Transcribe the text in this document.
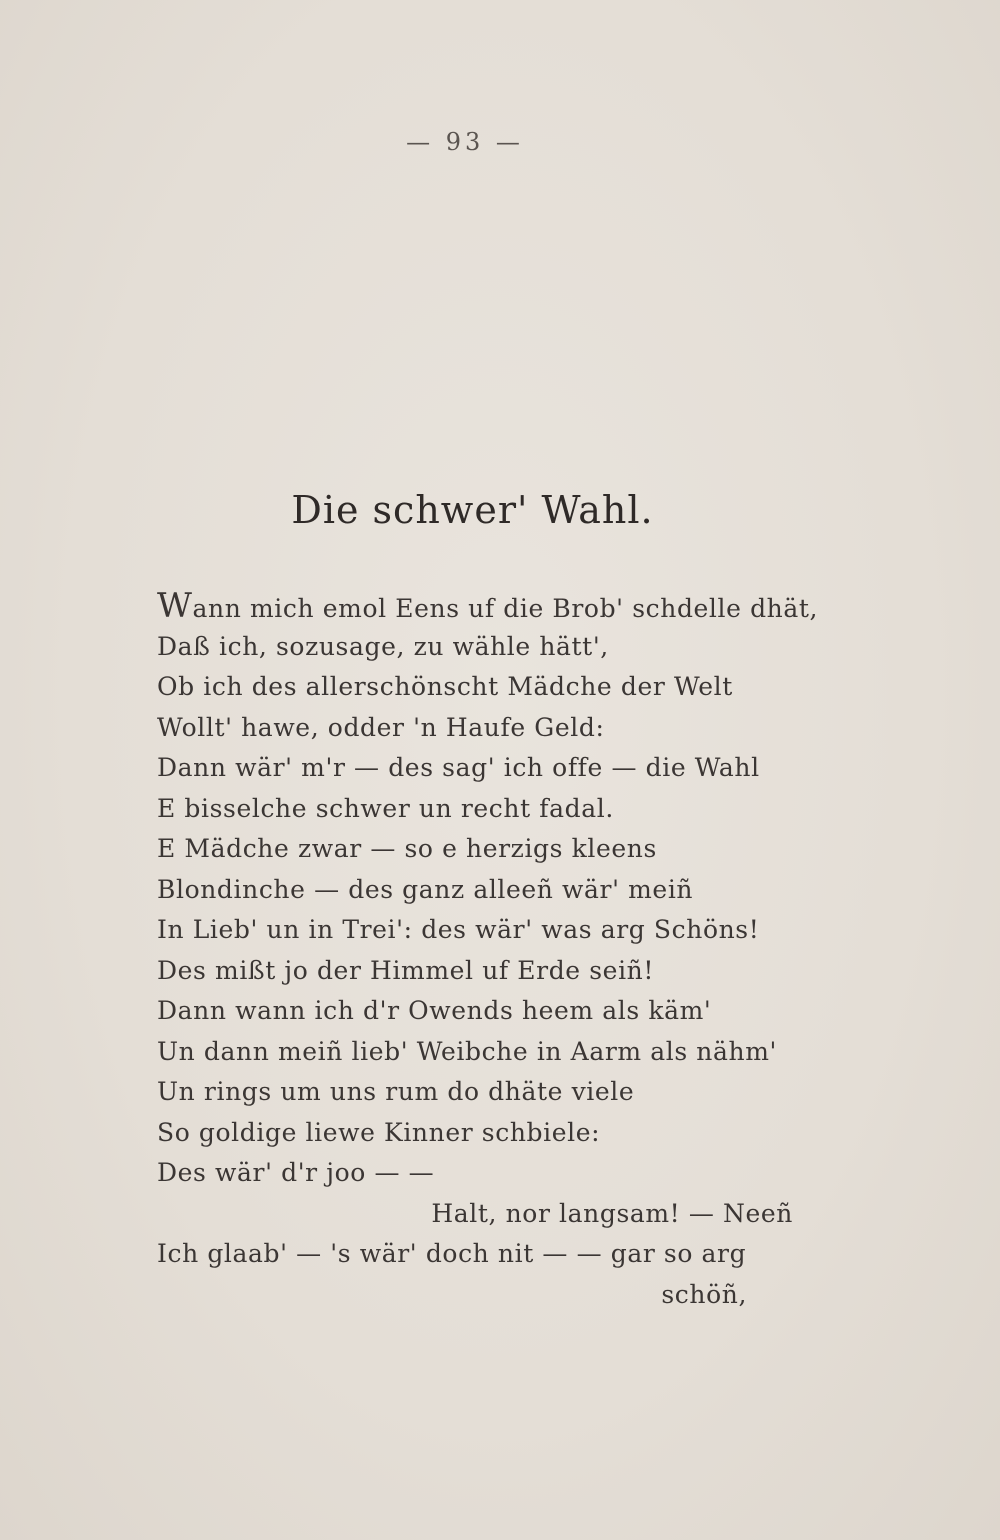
— 93 —
Die schwer' Wahl.
Wann mich emol Eens uf die Brob' schdelle dhät,
Daß ich, sozusage, zu wähle hätt',
Ob ich des allerschönscht Mädche der Welt
Wollt' hawe, odder 'n Haufe Geld:
Dann wär' m'r — des sag' ich offe — die Wahl
E bisselche schwer un recht fadal.
E Mädche zwar — so e herzigs kleens
Blondinche — des ganz alleeñ wär' meiñ
In Lieb' un in Trei': des wär' was arg Schöns!
Des mißt jo der Himmel uf Erde seiñ!
Dann wann ich d'r Owends heem als käm'
Un dann meiñ lieb' Weibche in Aarm als nähm'
Un rings um uns rum do dhäte viele
So goldige liewe Kinner schbiele:
Des wär' d'r joo — —
Halt, nor langsam! — Neeñ
Ich glaab' — 's wär' doch nit — — gar so arg
schöñ,
